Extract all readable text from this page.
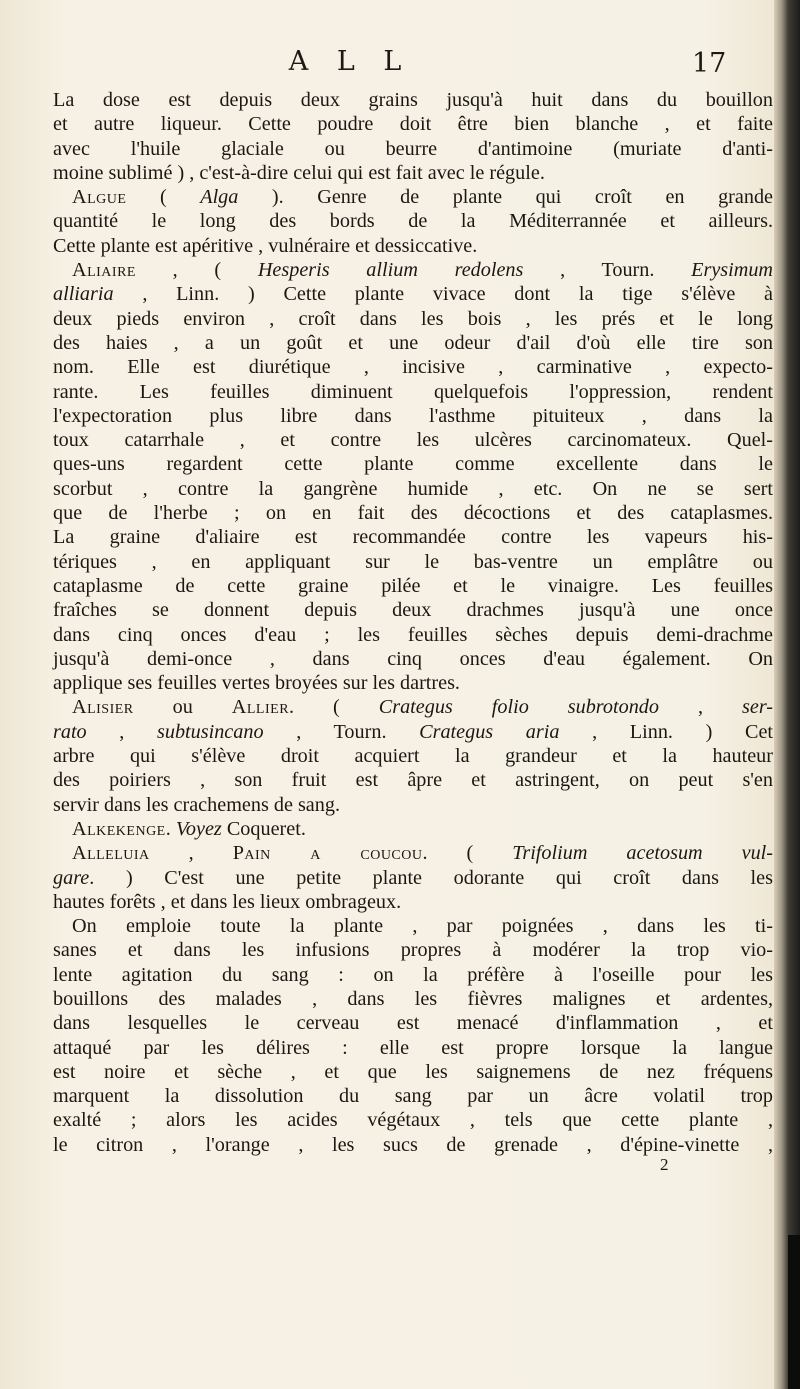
A L L	17
La dose est depuis deux grains jusqu'à huit dans du bouillon
et autre liqueur. Cette poudre doit être bien blanche , et faite
avec l'huile glaciale ou beurre d'antimoine (muriate d'anti-
moine sublimé ) , c'est-à-dire celui qui est fait avec le régule.
Algue ( Alga ). Genre de plante qui croît en grande
quantité le long des bords de la Méditerrannée et ailleurs.
Cette plante est apéritive , vulnéraire et dessiccative.
Aliaire , ( Hesperis allium redolens , Tourn. Erysimum
alliaria , Linn. ) Cette plante vivace dont la tige s'élève à
deux pieds environ , croît dans les bois , les prés et le long
des haies , a un goût et une odeur d'ail d'où elle tire son
nom. Elle est diurétique , incisive , carminative , expecto-
rante. Les feuilles diminuent quelquefois l'oppression, rendent
l'expectoration plus libre dans l'asthme pituiteux , dans la
toux catarrhale , et contre les ulcères carcinomateux. Quel-
ques-uns regardent cette plante comme excellente dans le
scorbut , contre la gangrène humide , etc. On ne se sert
que de l'herbe ; on en fait des décoctions et des cataplasmes.
La graine d'aliaire est recommandée contre les vapeurs his-
tériques , en appliquant sur le bas-ventre un emplâtre ou
cataplasme de cette graine pilée et le vinaigre. Les feuilles
fraîches se donnent depuis deux drachmes jusqu'à une once
dans cinq onces d'eau ; les feuilles sèches depuis demi-drachme
jusqu'à demi-once , dans cinq onces d'eau également. On
applique ses feuilles vertes broyées sur les dartres.
Alisier ou Allier. ( Crategus folio subrotondo , ser-
rato , subtusincano , Tourn. Crategus aria , Linn. ) Cet
arbre qui s'élève droit acquiert la grandeur et la hauteur
des poiriers , son fruit est âpre et astringent, on peut s'en
servir dans les crachemens de sang.
Alkekenge. Voyez Coqueret.
Alleluia , Pain a coucou. ( Trifolium acetosum vul-
gare. ) C'est une petite plante odorante qui croît dans les
hautes forêts , et dans les lieux ombrageux.
On emploie toute la plante , par poignées , dans les ti-
sanes et dans les infusions propres à modérer la trop vio-
lente agitation du sang : on la préfère à l'oseille pour les
bouillons des malades , dans les fièvres malignes et ardentes,
dans lesquelles le cerveau est menacé d'inflammation , et
attaqué par les délires : elle est propre lorsque la langue
est noire et sèche , et que les saignemens de nez fréquens
marquent la dissolution du sang par un âcre volatil trop
exalté ; alors les acides végétaux , tels que cette plante ,
le citron , l'orange , les sucs de grenade , d'épine-vinette ,
2
